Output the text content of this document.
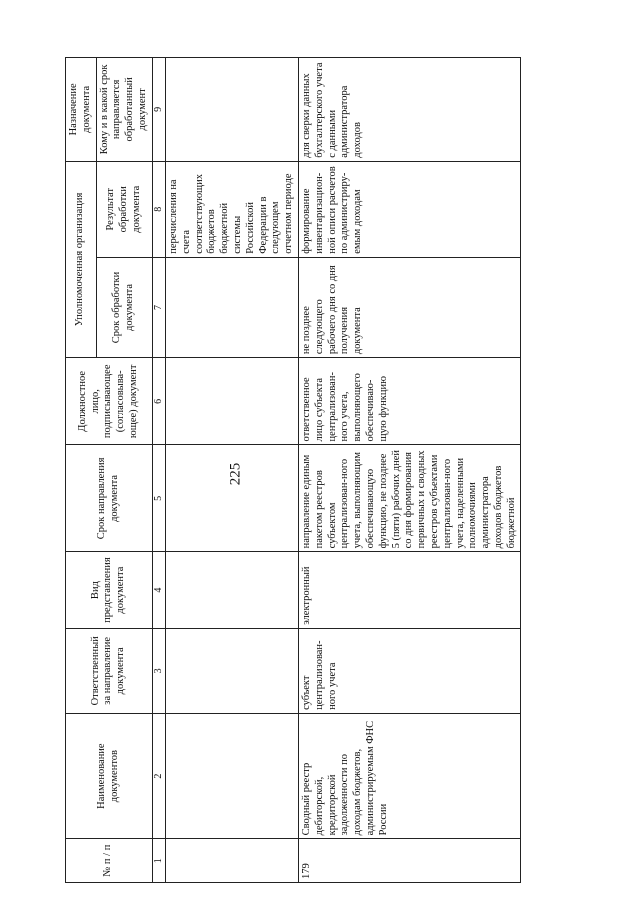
225
№ п / п	Наименование документов	Ответственный за направление документа	Вид представления документа	Срок направления документа	Должностное лицо, подписывающее (согласовыва-ющее) документ	Уполномоченная организация		Назначение документа
						Срок обработки документа	Результат обработки документа	Кому и в какой срок направляется обработанный документ
1	2	3	4	5	6	7	8	9
							перечисления на счета соответствующих бюджетов бюджетной системы Российской Федерации в следующем отчетном периоде	
179	Сводный реестр дебиторской, кредиторской задолженности по доходам бюджетов, администрируемым ФНС России	субъект централизован-ного учета	электронный	направление единым пакетом реестров субъектом централизован-ного учета, выполняющим обеспечивающую функцию, не позднее 5 (пяти) рабочих дней со дня формирования первичных и сводных реестров субъектами централизован-ного учета, наделенными полномочиями администратора доходов бюджетов бюджетной	ответственное лицо субъекта централизован-ного учета, выполняющего обеспечиваю-щую функцию	не позднее следующего рабочего дня со дня получения документа	формирование инвентаризацион-ной описи расчетов по администриру-емым доходам	для сверки данных бухгалтерского учета с данными администратора доходов
